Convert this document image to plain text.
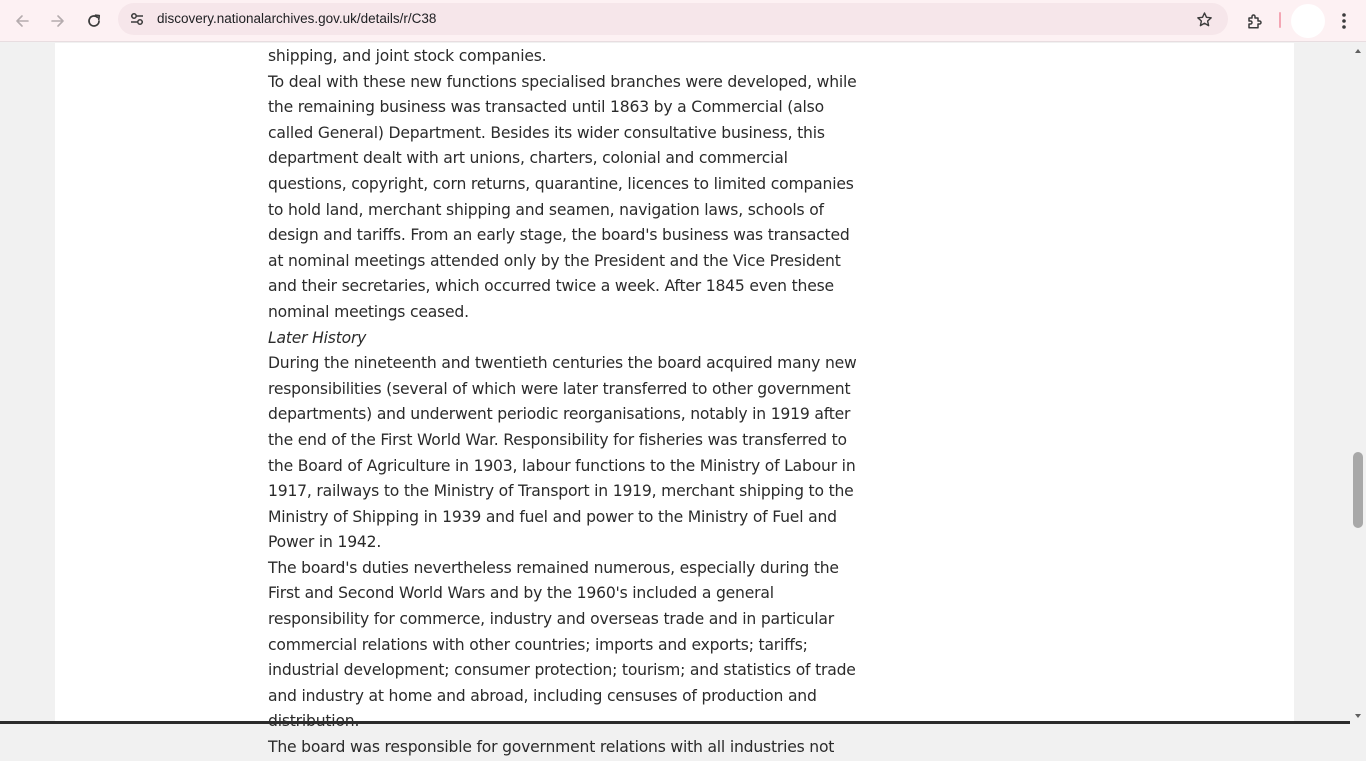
discovery.nationalarchives.gov.uk/details/r/C38

shipping, and joint stock companies.

To deal with these new functions specialised branches were developed, while the remaining business was transacted until 1863 by a Commercial (also called General) Department. Besides its wider consultative business, this department dealt with art unions, charters, colonial and commercial questions, copyright, corn returns, quarantine, licences to limited companies to hold land, merchant shipping and seamen, navigation laws, schools of design and tariffs. From an early stage, the board's business was transacted at nominal meetings attended only by the President and the Vice President and their secretaries, which occurred twice a week. After 1845 even these nominal meetings ceased.

Later History

During the nineteenth and twentieth centuries the board acquired many new responsibilities (several of which were later transferred to other government departments) and underwent periodic reorganisations, notably in 1919 after the end of the First World War. Responsibility for fisheries was transferred to the Board of Agriculture in 1903, labour functions to the Ministry of Labour in 1917, railways to the Ministry of Transport in 1919, merchant shipping to the Ministry of Shipping in 1939 and fuel and power to the Ministry of Fuel and Power in 1942.

The board's duties nevertheless remained numerous, especially during the First and Second World Wars and by the 1960's included a general responsibility for commerce, industry and overseas trade and in particular commercial relations with other countries; imports and exports; tariffs; industrial development; consumer protection; tourism; and statistics of trade and industry at home and abroad, including censuses of production and

The board was responsible for government relations with all industries not
